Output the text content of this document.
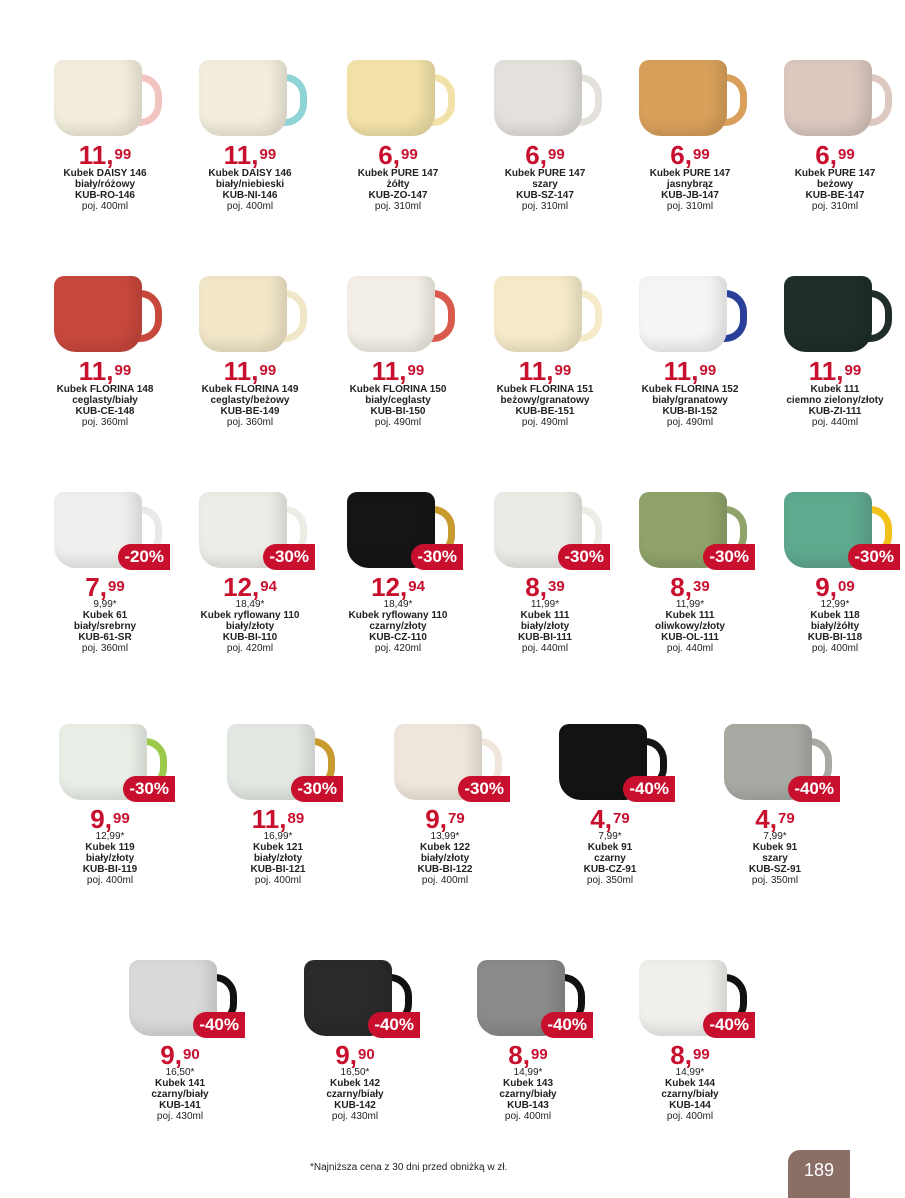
11,99
Kubek DAISY 146
biały/różowy
KUB-RO-146
poj. 400ml
11,99
Kubek DAISY 146
biały/niebieski
KUB-NI-146
poj. 400ml
6,99
Kubek PURE 147
żółty
KUB-ZO-147
poj. 310ml
6,99
Kubek PURE 147
szary
KUB-SZ-147
poj. 310ml
6,99
Kubek PURE 147
jasnybrąz
KUB-JB-147
poj. 310ml
6,99
Kubek PURE 147
beżowy
KUB-BE-147
poj. 310ml
11,99
Kubek FLORINA 148
ceglasty/biały
KUB-CE-148
poj. 360ml
11,99
Kubek FLORINA 149
ceglasty/beżowy
KUB-BE-149
poj. 360ml
11,99
Kubek FLORINA 150
biały/ceglasty
KUB-BI-150
poj. 490ml
11,99
Kubek FLORINA 151
beżowy/granatowy
KUB-BE-151
poj. 490ml
11,99
Kubek FLORINA 152
biały/granatowy
KUB-BI-152
poj. 490ml
11,99
Kubek 111
ciemno zielony/złoty
KUB-ZI-111
poj. 440ml
-20%
7,99
9,99*
Kubek 61
biały/srebrny
KUB-61-SR
poj. 360ml
-30%
12,94
18,49*
Kubek ryflowany 110
biały/złoty
KUB-BI-110
poj. 420ml
-30%
12,94
18,49*
Kubek ryflowany 110
czarny/złoty
KUB-CZ-110
poj. 420ml
-30%
8,39
11,99*
Kubek 111
biały/złoty
KUB-BI-111
poj. 440ml
-30%
8,39
11,99*
Kubek 111
oliwkowy/złoty
KUB-OL-111
poj. 440ml
-30%
9,09
12,99*
Kubek 118
biały/żółty
KUB-BI-118
poj. 400ml
-30%
9,99
12,99*
Kubek 119
biały/złoty
KUB-BI-119
poj. 400ml
-30%
11,89
16,99*
Kubek 121
biały/złoty
KUB-BI-121
poj. 400ml
-30%
9,79
13,99*
Kubek 122
biały/złoty
KUB-BI-122
poj. 400ml
-40%
4,79
7,99*
Kubek 91
czarny
KUB-CZ-91
poj. 350ml
-40%
4,79
7,99*
Kubek 91
szary
KUB-SZ-91
poj. 350ml
-40%
9,90
16,50*
Kubek 141
czarny/biały
KUB-141
poj. 430ml
-40%
9,90
16,50*
Kubek 142
czarny/biały
KUB-142
poj. 430ml
-40%
8,99
14,99*
Kubek 143
czarny/biały
KUB-143
poj. 400ml
-40%
8,99
14,99*
Kubek 144
czarny/biały
KUB-144
poj. 400ml
*Najniższa cena z 30 dni przed obniżką w zł.	189
